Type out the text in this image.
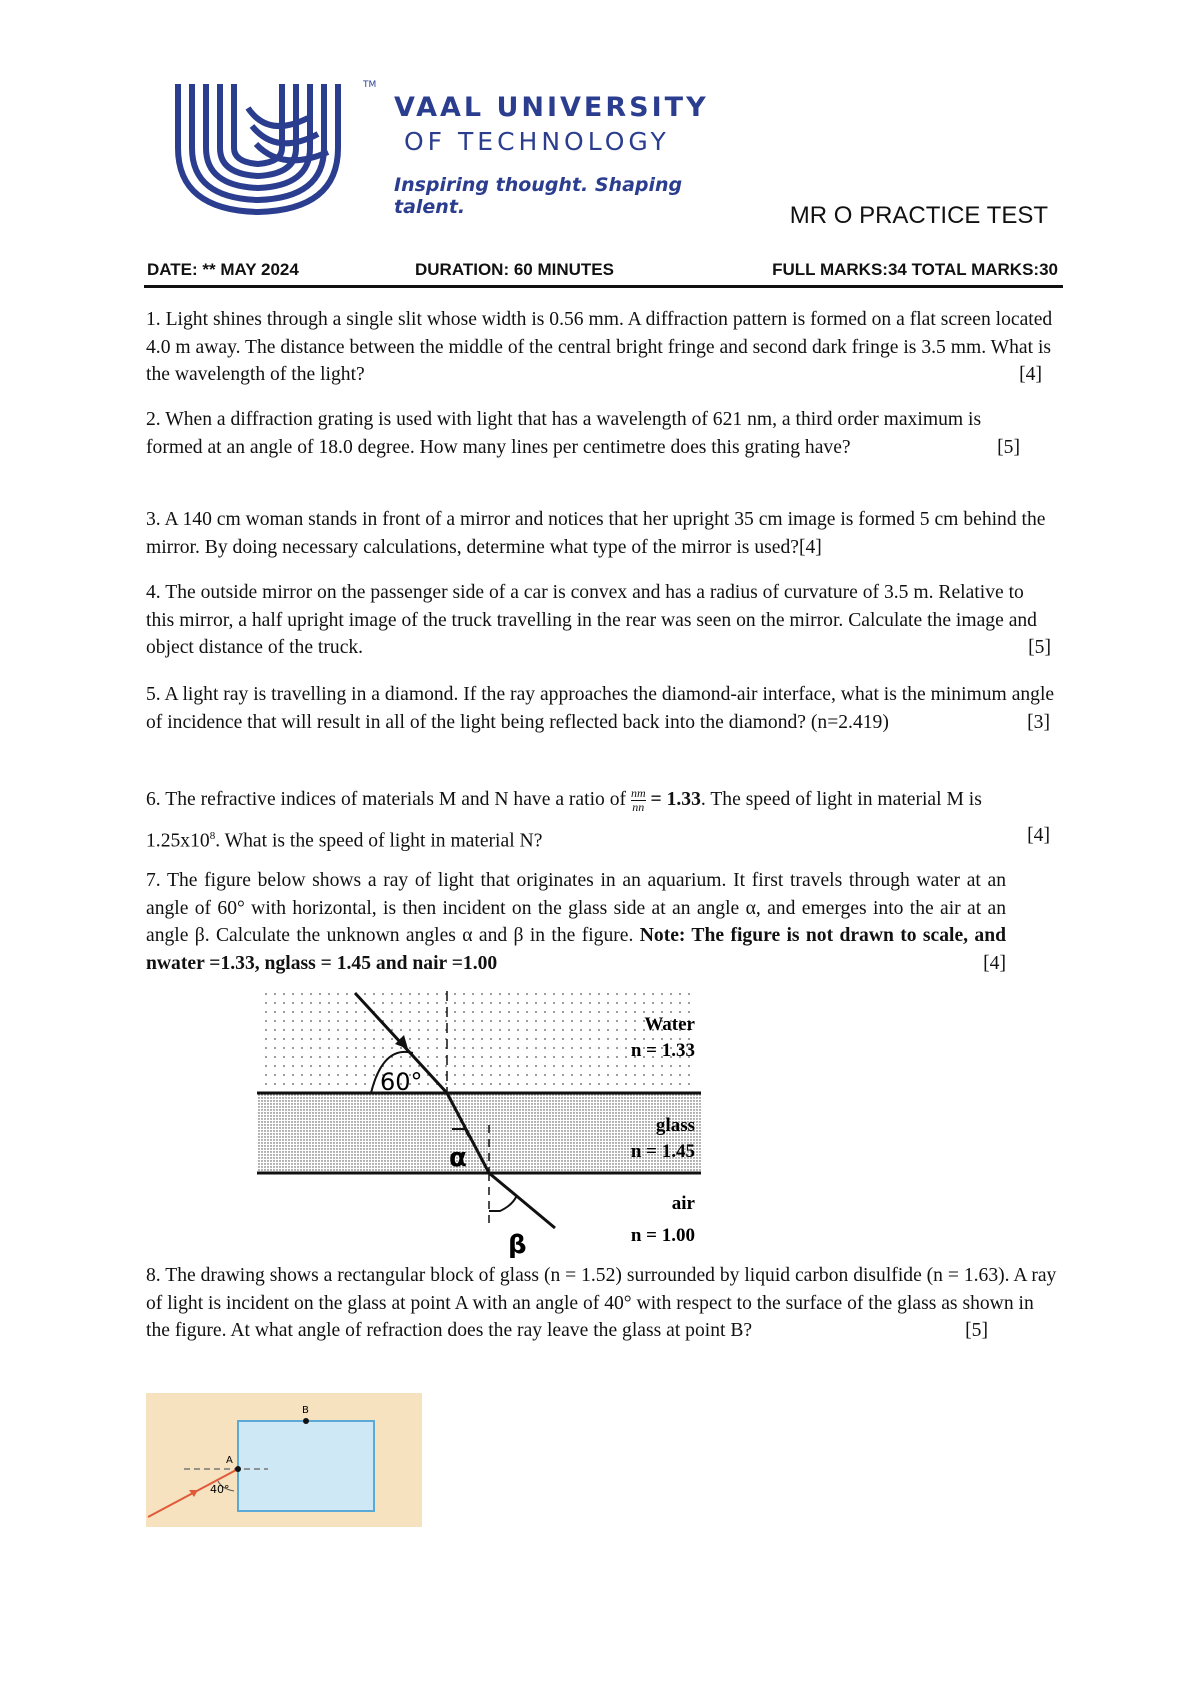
TM
VAAL UNIVERSITY
OF TECHNOLOGY
Inspiring thought. Shaping talent.	MR O PRACTICE TEST
DATE: ** MAY 2024	DURATION: 60 MINUTES	FULL MARKS:34 TOTAL MARKS:30
1. Light shines through a single slit whose width is 0.56 mm. A diffraction pattern is formed on a flat screen located 4.0 m away. The distance between the middle of the central bright fringe and second dark fringe is 3.5 mm. What is the wavelength of the light?	[4]
2. When a diffraction grating is used with light that has a wavelength of 621 nm, a third order maximum is formed at an angle of 18.0 degree. How many lines per centimetre does this grating have?	[5]
3. A 140 cm woman stands in front of a mirror and notices that her upright 35 cm image is formed 5 cm behind the mirror. By doing necessary calculations, determine what type of the mirror is used?[4]
4. The outside mirror on the passenger side of a car is convex and has a radius of curvature of 3.5 m. Relative to this mirror, a half upright image of the truck travelling in the rear was seen on the mirror. Calculate the image and object distance of the truck.	[5]
5. A light ray is travelling in a diamond. If the ray approaches the diamond-air interface, what is the minimum angle of incidence that will result in all of the light being reflected back into the diamond? (n=2.419)	[3]
6. The refractive indices of materials M and N have a ratio of $\frac{nm}{nn} = 1.33$. The speed of light in material M is $1.25x10^8$. What is the speed of light in material N?	[4]
7. The figure below shows a ray of light that originates in an aquarium. It first travels through water at an angle of 60° with horizontal, is then incident on the glass side at an angle α, and emerges into the air at an angle β. Calculate the unknown angles α and β in the figure. Note: The figure is not drawn to scale, and nwater =1.33, nglass = 1.45 and nair =1.00	[4]
60°
α
β
Water
n = 1.33
glass
n = 1.45
air
n = 1.00
8. The drawing shows a rectangular block of glass (n = 1.52) surrounded by liquid carbon disulfide (n = 1.63). A ray of light is incident on the glass at point A with an angle of 40° with respect to the surface of the glass as shown in the figure. At what angle of refraction does the ray leave the glass at point B?	[5]
A
B
40°
